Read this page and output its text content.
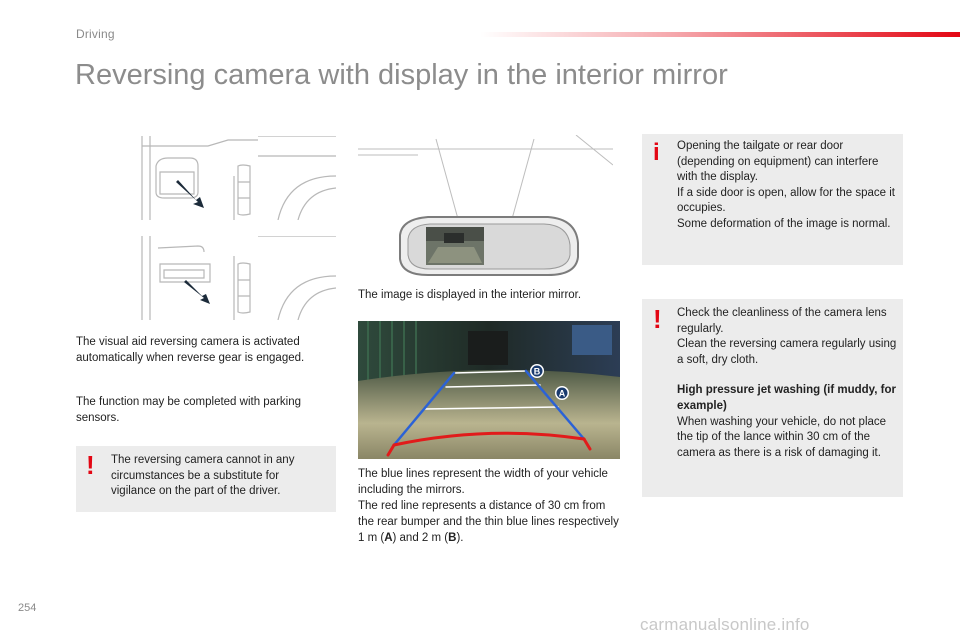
Driving
Reversing camera with display in the interior mirror
The visual aid reversing camera is activated automatically when reverse gear is engaged.
The function may be completed with parking sensors.
! The reversing camera cannot in any circumstances be a substitute for vigilance on the part of the driver.
The image is displayed in the interior mirror.
B
A
The blue lines represent the width of your vehicle including the mirrors.
The red line represents a distance of 30 cm from the rear bumper and the thin blue lines respectively 1 m (A) and 2 m (B).
i Opening the tailgate or rear door (depending on equipment) can interfere with the display.
If a side door is open, allow for the space it occupies.
Some deformation of the image is normal.
! Check the cleanliness of the camera lens regularly.
Clean the reversing camera regularly using a soft, dry cloth.
High pressure jet washing (if muddy, for example)
When washing your vehicle, do not place the tip of the lance within 30 cm of the camera as there is a risk of damaging it.
254
carmanualsonline.info
